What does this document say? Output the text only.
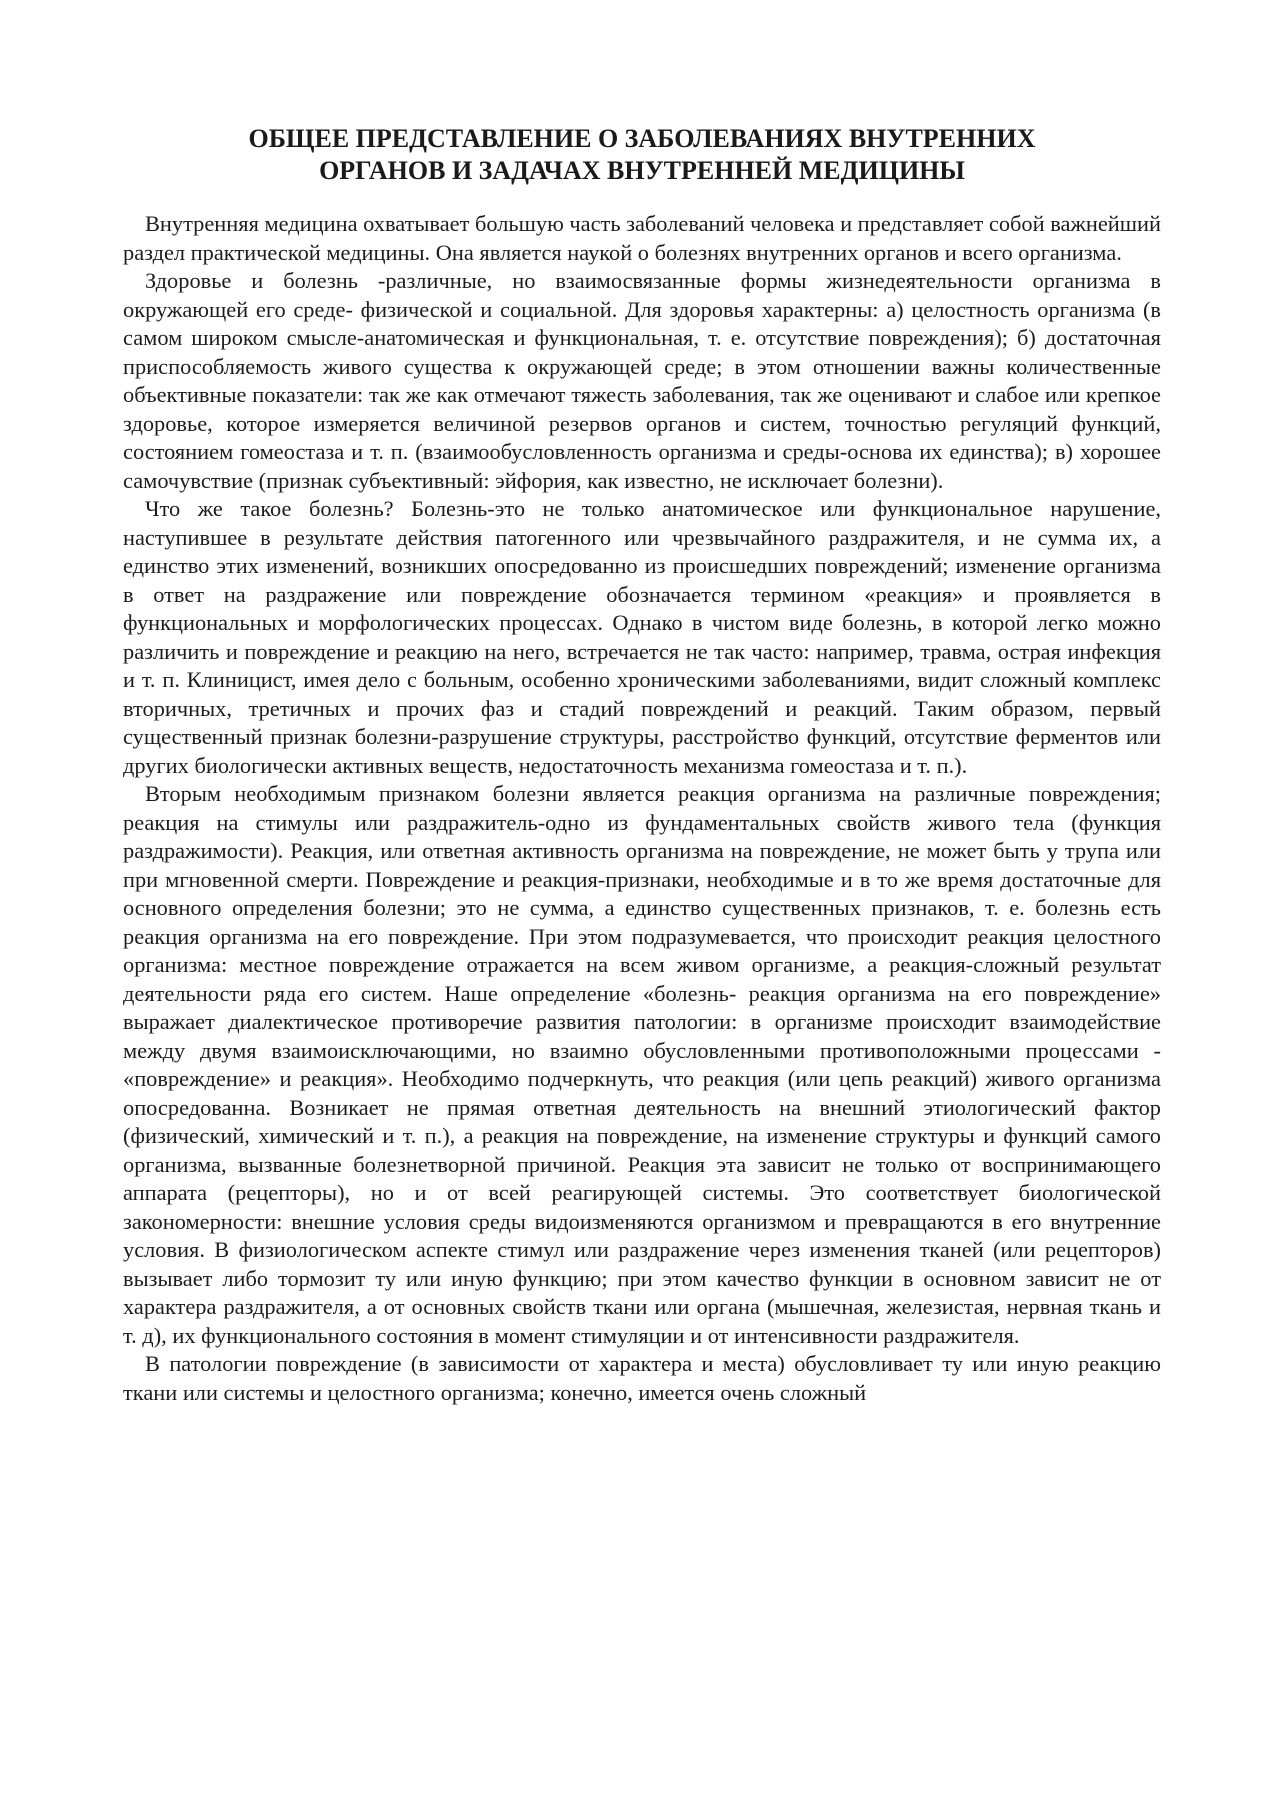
ОБЩЕЕ ПРЕДСТАВЛЕНИЕ О ЗАБОЛЕВАНИЯХ ВНУТРЕННИХ
ОРГАНОВ И ЗАДАЧАХ ВНУТРЕННЕЙ МЕДИЦИНЫ

Внутренняя медицина охватывает большую часть заболеваний человека и представляет собой важнейший раздел практической медицины. Она является наукой о болезнях внутренних органов и всего организма.

Здоровье и болезнь -различные, но взаимосвязанные формы жизнедеятельности организма в окружающей его среде- физической и социальной. Для здоровья характерны: а) целостность организма (в самом широком смысле-анатомическая и функциональная, т. е. отсутствие повреждения); б) достаточная приспособляемость живого существа к окружающей среде; в этом отношении важны количественные объективные показатели: так же как отмечают тяжесть заболевания, так же оценивают и слабое или крепкое здоровье, которое измеряется величиной резервов органов и систем, точностью регуляций функций, состоянием гомеостаза и т. п. (взаимообусловленность организма и среды-основа их единства); в) хорошее самочувствие (признак субъективный: эйфория, как известно, не исключает болезни).

Что же такое болезнь? Болезнь-это не только анатомическое или функциональное нарушение, наступившее в результате действия патогенного или чрезвычайного раздражителя, и не сумма их, а единство этих изменений, возникших опосредованно из происшедших повреждений; изменение организма в ответ на раздражение или повреждение обозначается термином «реакция» и проявляется в функциональных и морфологических процессах. Однако в чистом виде болезнь, в которой легко можно различить и повреждение и реакцию на него, встречается не так часто: например, травма, острая инфекция и т. п. Клиницист, имея дело с больным, особенно хроническими заболеваниями, видит сложный комплекс вторичных, третичных и прочих фаз и стадий повреждений и реакций. Таким образом, первый существенный признак болезни-разрушение структуры, расстройство функций, отсутствие ферментов или других биологически активных веществ, недостаточность механизма гомеостаза и т. п.).

Вторым необходимым признаком болезни является реакция организма на различные повреждения; реакция на стимулы или раздражитель-одно из фундаментальных свойств живого тела (функция раздражимости). Реакция, или ответная активность организма на повреждение, не может быть у трупа или при мгновенной смерти. Повреждение и реакция-признаки, необходимые и в то же время достаточные для основного определения болезни; это не сумма, а единство существенных признаков, т. е. болезнь есть реакция организма на его повреждение. При этом подразумевается, что происходит реакция целостного организма: местное повреждение отражается на всем живом организме, а реакция-сложный результат деятельности ряда его систем. Наше определение «болезнь- реакция организма на его повреждение» выражает диалектическое противоречие развития патологии: в организме происходит взаимодействие между двумя взаимоисключающими, но взаимно обусловленными противоположными процессами - «повреждение» и реакция». Необходимо подчеркнуть, что реакция (или цепь реакций) живого организма опосредованна. Возникает не прямая ответная деятельность на внешний этиологический фактор (физический, химический и т. п.), а реакция на повреждение, на изменение структуры и функций самого организма, вызванные болезнетворной причиной. Реакция эта зависит не только от воспринимающего аппарата (рецепторы), но и от всей реагирующей системы. Это соответствует биологической закономерности: внешние условия среды видоизменяются организмом и превращаются в его внутренние условия. В физиологическом аспекте стимул или раздражение через изменения тканей (или рецепторов) вызывает либо тормозит ту или иную функцию; при этом качество функции в основном зависит не от характера раздражителя, а от основных свойств ткани или органа (мышечная, железистая, нервная ткань и т. д), их функционального состояния в момент стимуляции и от интенсивности раздражителя.

В патологии повреждение (в зависимости от характера и места) обусловливает ту или иную реакцию ткани или системы и целостного организма; конечно, имеется очень сложный
